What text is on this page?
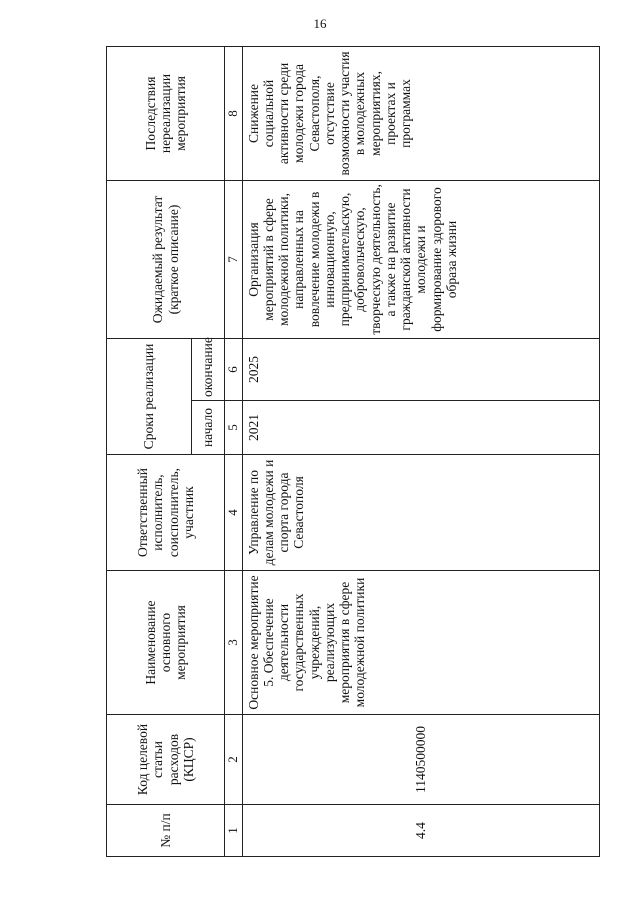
16
№ п/п	Код целевой статьи расходов (КЦСР)	Наименование основного мероприятия	Ответственный исполнитель, соисполнитель, участник	Сроки реализации		Ожидаемый результат (краткое описание)	Последствия нереализации мероприятия
				начало	окончание		
1	2	3	4	5	6	7	8
4.4	1140500000	Основное мероприятие 5. Обеспечение деятельности государственных учреждений, реализующих мероприятия в сфере молодежной политики	Управление по делам молодежи и спорта города Севастополя	2021	2025	Организация мероприятий в сфере молодежной политики, направленных на вовлечение молодежи в инновационную, предпринимательскую, добровольческую, творческую деятельность, а также на развитие гражданской активности молодежи и формирование здорового образа жизни	Снижение социальной активности среди молодежи города Севастополя, отсутствие возможности участия в молодежных мероприятиях, проектах и программах
